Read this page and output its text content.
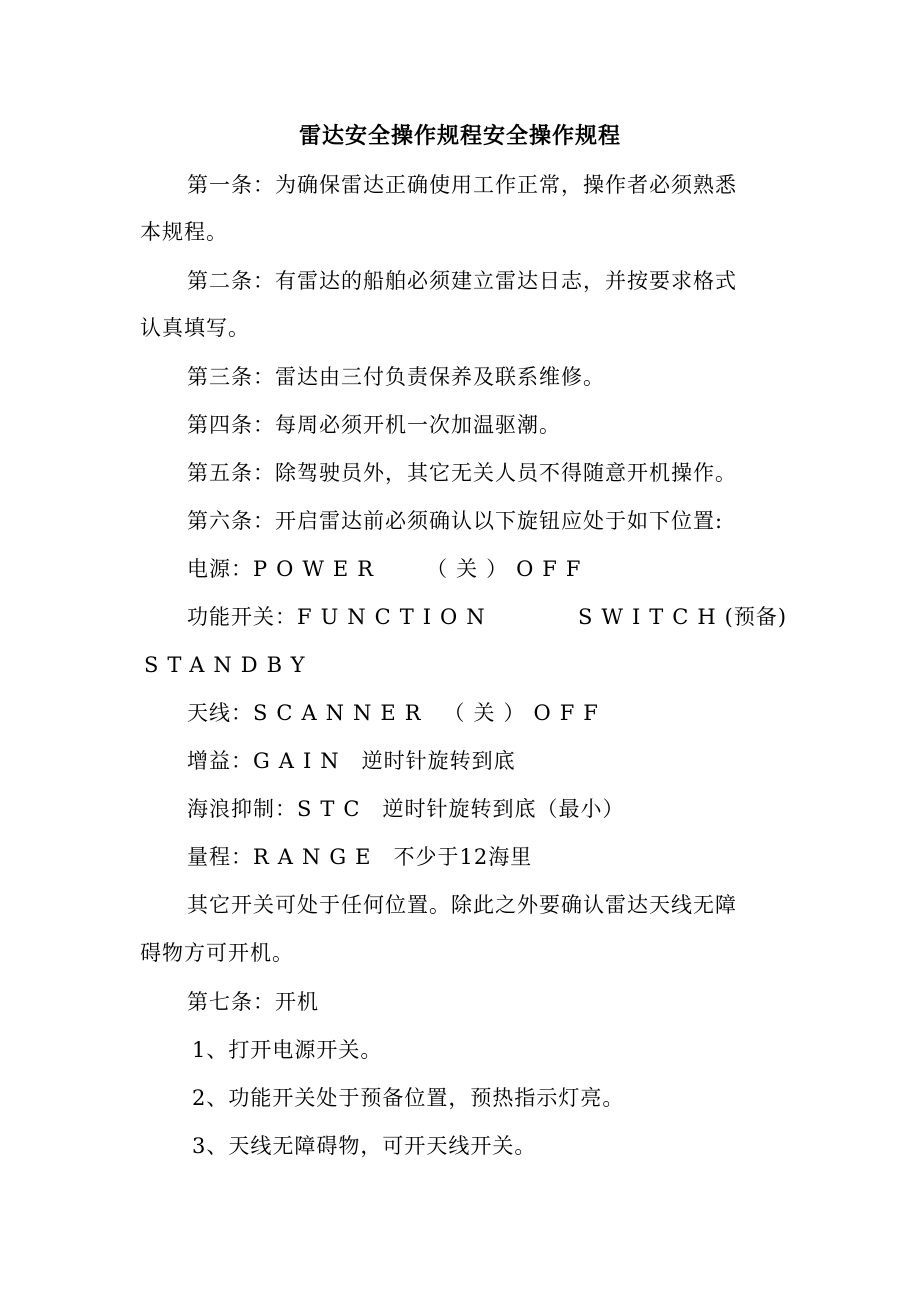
雷达安全操作规程安全操作规程
第一条：为确保雷达正确使用工作正常，操作者必须熟悉
本规程。
第二条：有雷达的船舶必须建立雷达日志，并按要求格式
认真填写。
第三条：雷达由三付负责保养及联系维修。
第四条：每周必须开机一次加温驱潮。
第五条：除驾驶员外，其它无关人员不得随意开机操作。
第六条：开启雷达前必须确认以下旋钮应处于如下位置:
电源：POWER （关）OFF
功能开关：FUNCTION	SWITCH(预备)
STANDBY
天线：SCANNER （关）OFF
增益：GAIN 逆时针旋转到底
海浪抑制：STC 逆时针旋转到底（最小）
量程：RANGE 不少于12海里
其它开关可处于任何位置。除此之外要确认雷达天线无障
碍物方可开机。
第七条：开机
1、打开电源开关。
2、功能开关处于预备位置，预热指示灯亮。
3、天线无障碍物，可开天线开关。
